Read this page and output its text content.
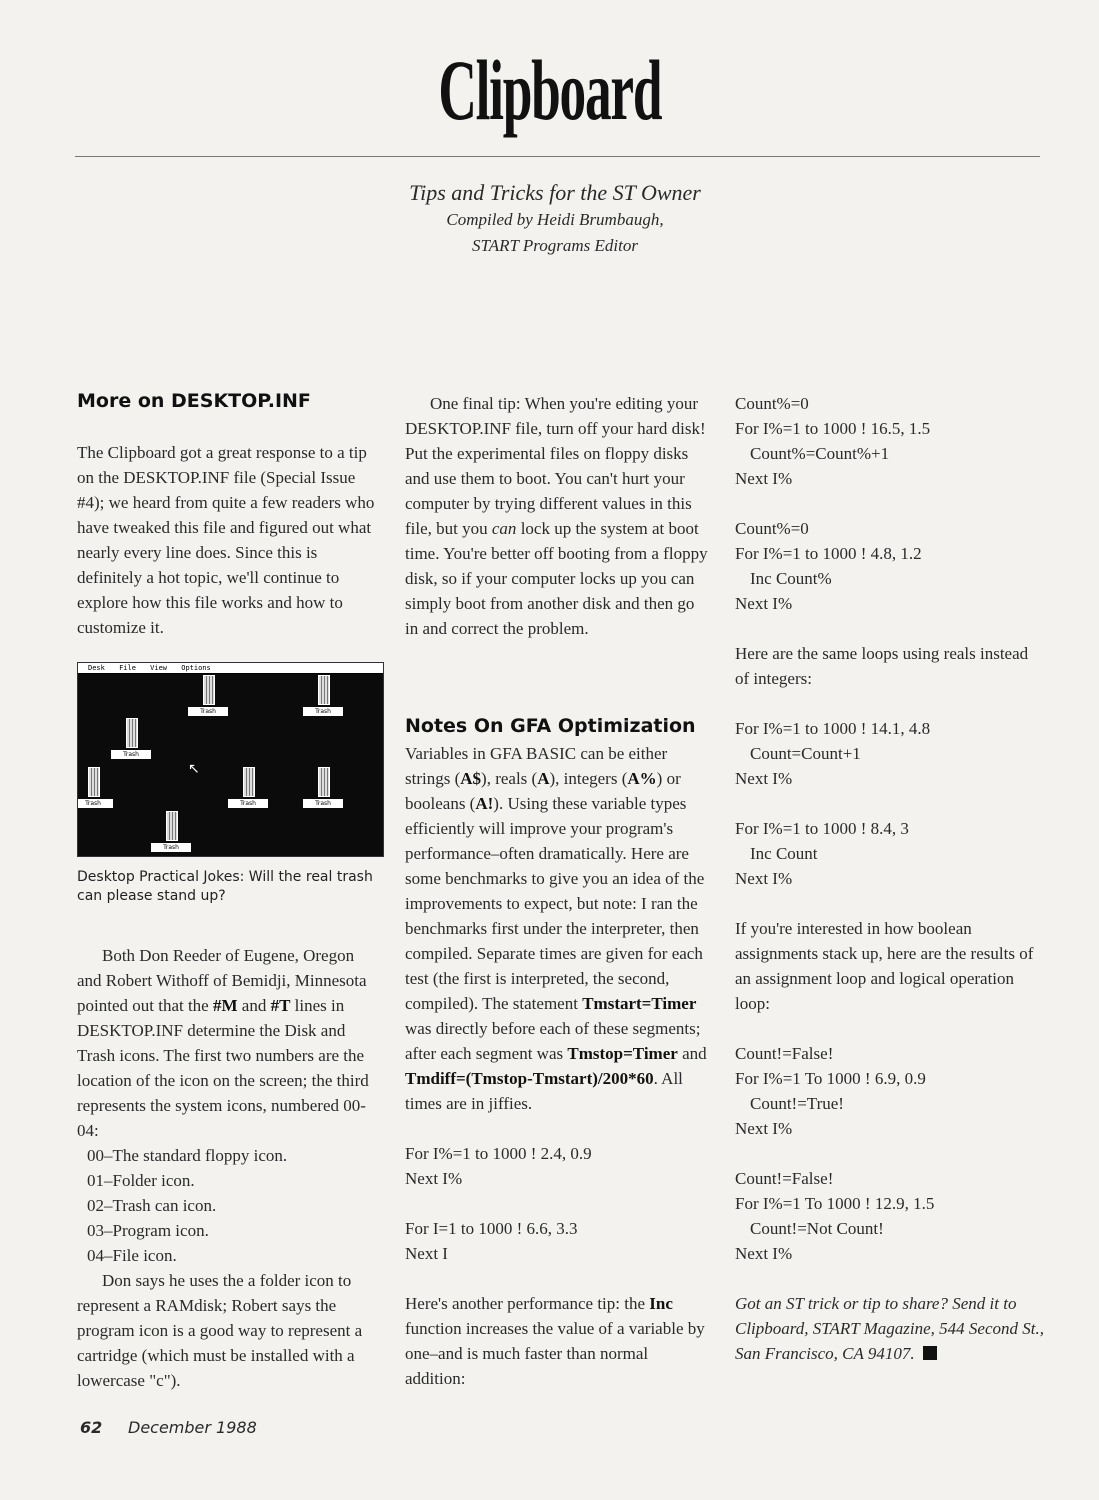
Clipboard
Tips and Tricks for the ST Owner
Compiled by Heidi Brumbaugh,
START Programs Editor
More on DESKTOP.INF

The Clipboard got a great response to a tip on the DESKTOP.INF file (Special Issue #4); we heard from quite a few readers who have tweaked this file and figured out what nearly every line does. Since this is definitely a hot topic, we'll continue to explore how this file works and how to customize it.

Desk File View Options
Trash	Trash
Trash
Trash	Trash	Trash
Trash
↖
Desktop Practical Jokes: Will the real trash can please stand up?

Both Don Reeder of Eugene, Oregon and Robert Withoff of Bemidji, Minnesota pointed out that the #M and #T lines in DESKTOP.INF determine the Disk and Trash icons. The first two numbers are the location of the icon on the screen; the third represents the system icons, numbered 00-04:

00–The standard floppy icon.

01–Folder icon.

02–Trash can icon.

03–Program icon.

04–File icon.

Don says he uses the a folder icon to represent a RAMdisk; Robert says the program icon is a good way to represent a cartridge (which must be installed with a lowercase "c").

One final tip: When you're editing your DESKTOP.INF file, turn off your hard disk! Put the experimental files on floppy disks and use them to boot. You can't hurt your computer by trying different values in this file, but you can lock up the system at boot time. You're better off booting from a floppy disk, so if your computer locks up you can simply boot from another disk and then go in and correct the problem.

Notes On GFA Optimization

Variables in GFA BASIC can be either strings (A$), reals (A), integers (A%) or booleans (A!). Using these variable types efficiently will improve your program's performance–often dramatically. Here are some benchmarks to give you an idea of the improvements to expect, but note: I ran the benchmarks first under the interpreter, then compiled. Separate times are given for each test (the first is interpreted, the second, compiled). The statement Tmstart=Timer was directly before each of these segments; after each segment was Tmstop=Timer and Tmdiff=(Tmstop-Tmstart)/200*60. All times are in jiffies.

For I%=1 to 1000 ! 2.4, 0.9

Next I%

For I=1 to 1000 ! 6.6, 3.3

Next I

Here's another performance tip: the Inc function increases the value of a variable by one–and is much faster than normal addition:

Count%=0

For I%=1 to 1000 ! 16.5, 1.5

Count%=Count%+1

Next I%

Count%=0

For I%=1 to 1000 ! 4.8, 1.2

Inc Count%

Next I%

Here are the same loops using reals instead of integers:

For I%=1 to 1000 ! 14.1, 4.8

Count=Count+1

Next I%

For I%=1 to 1000 ! 8.4, 3

Inc Count

Next I%

If you're interested in how boolean assignments stack up, here are the results of an assignment loop and logical operation loop:

Count!=False!

For I%=1 To 1000 ! 6.9, 0.9

Count!=True!

Next I%

Count!=False!

For I%=1 To 1000 ! 12.9, 1.5

Count!=Not Count!

Next I%

Got an ST trick or tip to share? Send it to Clipboard, START Magazine, 544 Second St., San Francisco, CA 94107.

62 December 1988
